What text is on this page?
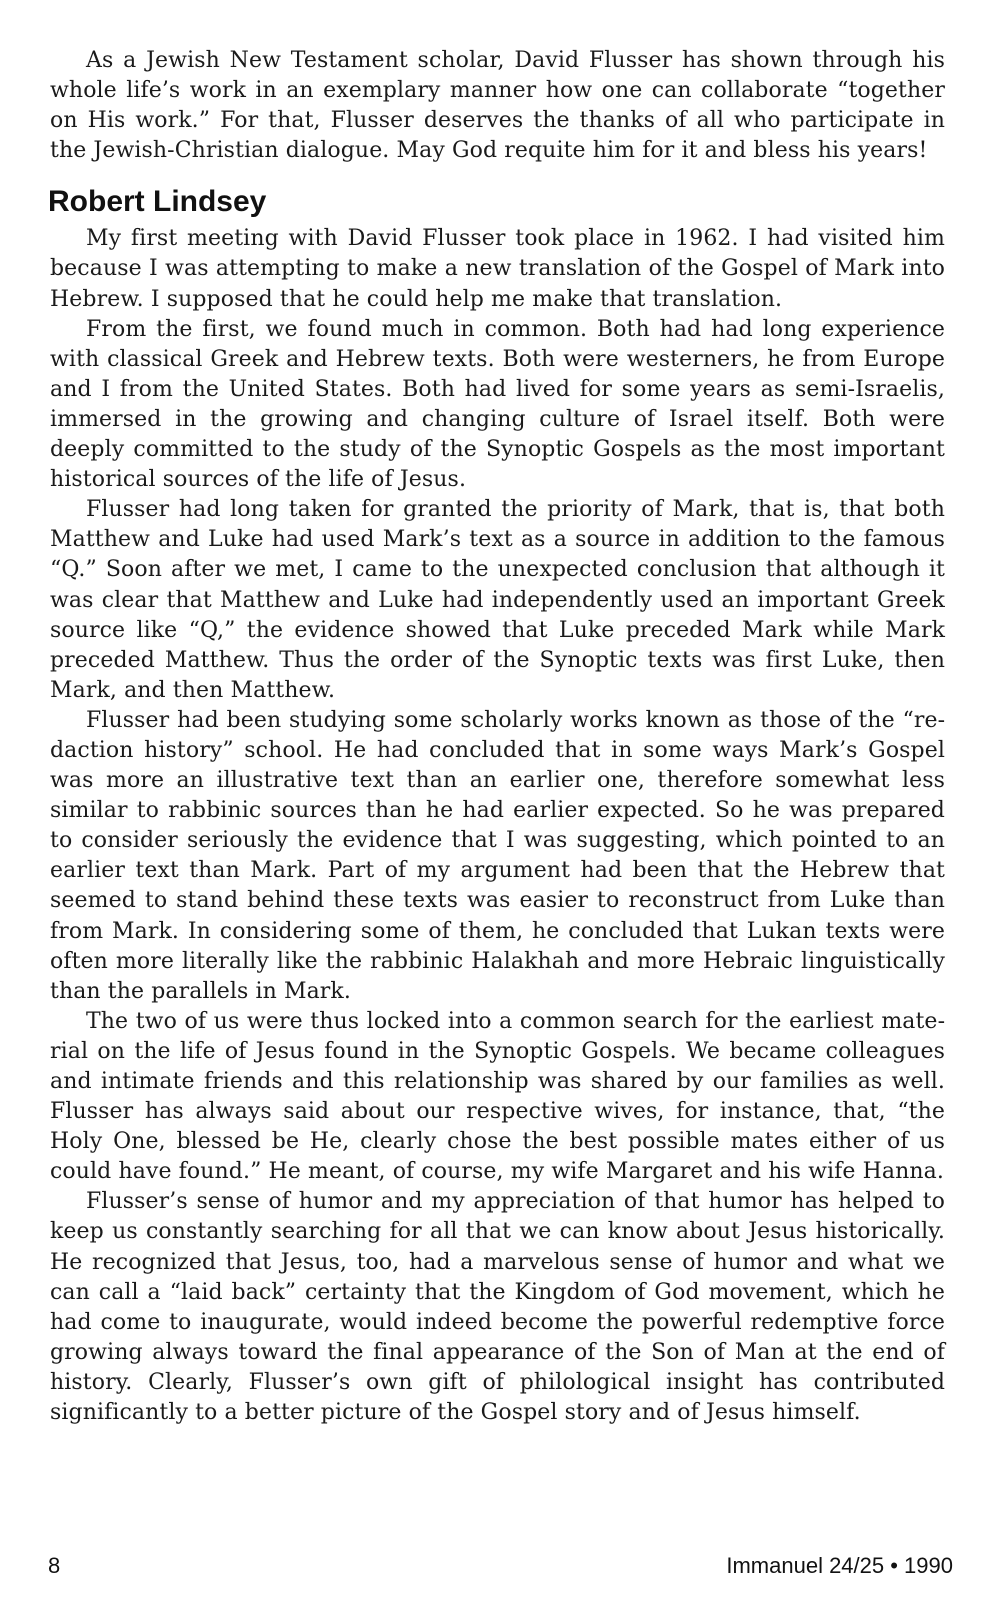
As a Jewish New Testament scholar, David Flusser has shown through his whole life’s work in an exemplary manner how one can collaborate “together on His work.” For that, Flusser deserves the thanks of all who participate in the Jewish-Christian dialogue. May God requite him for it and bless his years!

Robert Lindsey

My first meeting with David Flusser took place in 1962. I had visited him because I was attempting to make a new translation of the Gospel of Mark into Hebrew. I supposed that he could help me make that translation.

From the first, we found much in common. Both had had long experience with classical Greek and Hebrew texts. Both were westerners, he from Europe and I from the United States. Both had lived for some years as semi-Israelis, immersed in the growing and changing culture of Israel itself. Both were deeply committed to the study of the Synoptic Gospels as the most important historical sources of the life of Jesus.

Flusser had long taken for granted the priority of Mark, that is, that both Matthew and Luke had used Mark’s text as a source in addition to the famous “Q.” Soon after we met, I came to the unexpected conclusion that although it was clear that Matthew and Luke had independently used an important Greek source like “Q,” the evidence showed that Luke preceded Mark while Mark preceded Matthew. Thus the order of the Synoptic texts was first Luke, then Mark, and then Matthew.

Flusser had been studying some scholarly works known as those of the “redaction history” school. He had concluded that in some ways Mark’s Gospel was more an illustrative text than an earlier one, therefore somewhat less similar to rabbinic sources than he had earlier expected. So he was prepared to consider seriously the evidence that I was suggesting, which pointed to an earlier text than Mark. Part of my argument had been that the Hebrew that seemed to stand behind these texts was easier to reconstruct from Luke than from Mark. In considering some of them, he concluded that Lukan texts were often more literally like the rabbinic Halakhah and more Hebraic linguistically than the parallels in Mark.

The two of us were thus locked into a common search for the earliest material on the life of Jesus found in the Synoptic Gospels. We became colleagues and intimate friends and this relationship was shared by our families as well. Flusser has always said about our respective wives, for instance, that, “the Holy One, blessed be He, clearly chose the best possible mates either of us could have found.” He meant, of course, my wife Margaret and his wife Hanna.

Flusser’s sense of humor and my appreciation of that humor has helped to keep us constantly searching for all that we can know about Jesus historically. He recognized that Jesus, too, had a marvelous sense of humor and what we can call a “laid back” certainty that the Kingdom of God movement, which he had come to inaugurate, would indeed become the powerful redemptive force growing always toward the final appearance of the Son of Man at the end of history. Clearly, Flusser’s own gift of philological insight has contributed significantly to a better picture of the Gospel story and of Jesus himself.

8	Immanuel 24/25 • 1990
